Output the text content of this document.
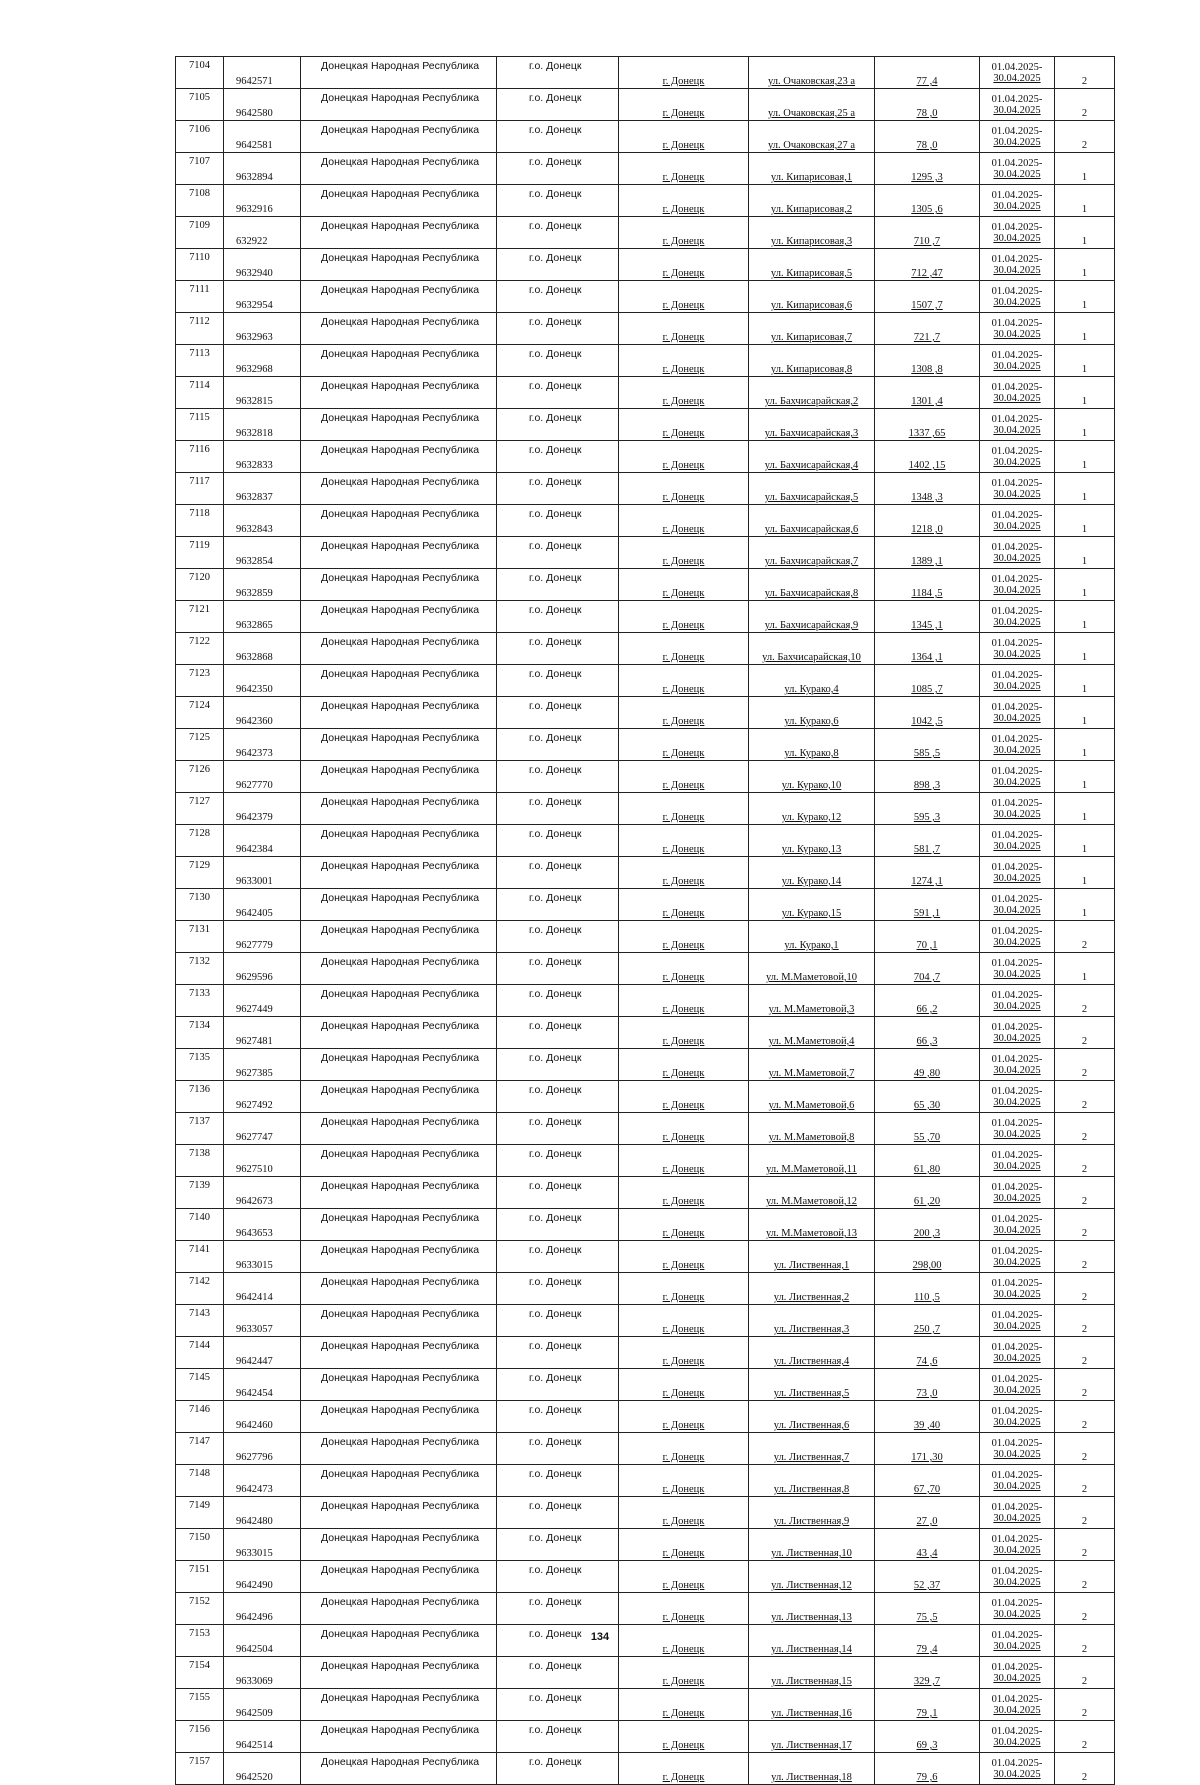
7104	9642571	Донецкая Народная Республика	г.о. Донецк	г. Донецк	ул. Очаковская,23 а	77 ,4	01.04.2025-
30.04.2025	2
7105	9642580	Донецкая Народная Республика	г.о. Донецк	г. Донецк	ул. Очаковская,25 а	78 ,0	01.04.2025-
30.04.2025	2
7106	9642581	Донецкая Народная Республика	г.о. Донецк	г. Донецк	ул. Очаковская,27 а	78 ,0	01.04.2025-
30.04.2025	2
7107	9632894	Донецкая Народная Республика	г.о. Донецк	г. Донецк	ул. Кипарисовая,1	1295 ,3	01.04.2025-
30.04.2025	1
7108	9632916	Донецкая Народная Республика	г.о. Донецк	г. Донецк	ул. Кипарисовая,2	1305 ,6	01.04.2025-
30.04.2025	1
7109	632922	Донецкая Народная Республика	г.о. Донецк	г. Донецк	ул. Кипарисовая,3	710 ,7	01.04.2025-
30.04.2025	1
7110	9632940	Донецкая Народная Республика	г.о. Донецк	г. Донецк	ул. Кипарисовая,5	712 ,47	01.04.2025-
30.04.2025	1
7111	9632954	Донецкая Народная Республика	г.о. Донецк	г. Донецк	ул. Кипарисовая,6	1507 ,7	01.04.2025-
30.04.2025	1
7112	9632963	Донецкая Народная Республика	г.о. Донецк	г. Донецк	ул. Кипарисовая,7	721 ,7	01.04.2025-
30.04.2025	1
7113	9632968	Донецкая Народная Республика	г.о. Донецк	г. Донецк	ул. Кипарисовая,8	1308 ,8	01.04.2025-
30.04.2025	1
7114	9632815	Донецкая Народная Республика	г.о. Донецк	г. Донецк	ул. Бахчисарайская,2	1301 ,4	01.04.2025-
30.04.2025	1
7115	9632818	Донецкая Народная Республика	г.о. Донецк	г. Донецк	ул. Бахчисарайская,3	1337 ,65	01.04.2025-
30.04.2025	1
7116	9632833	Донецкая Народная Республика	г.о. Донецк	г. Донецк	ул. Бахчисарайская,4	1402 ,15	01.04.2025-
30.04.2025	1
7117	9632837	Донецкая Народная Республика	г.о. Донецк	г. Донецк	ул. Бахчисарайская,5	1348 ,3	01.04.2025-
30.04.2025	1
7118	9632843	Донецкая Народная Республика	г.о. Донецк	г. Донецк	ул. Бахчисарайская,6	1218 ,0	01.04.2025-
30.04.2025	1
7119	9632854	Донецкая Народная Республика	г.о. Донецк	г. Донецк	ул. Бахчисарайская,7	1389 ,1	01.04.2025-
30.04.2025	1
7120	9632859	Донецкая Народная Республика	г.о. Донецк	г. Донецк	ул. Бахчисарайская,8	1184 ,5	01.04.2025-
30.04.2025	1
7121	9632865	Донецкая Народная Республика	г.о. Донецк	г. Донецк	ул. Бахчисарайская,9	1345 ,1	01.04.2025-
30.04.2025	1
7122	9632868	Донецкая Народная Республика	г.о. Донецк	г. Донецк	ул. Бахчисарайская,10	1364 ,1	01.04.2025-
30.04.2025	1
7123	9642350	Донецкая Народная Республика	г.о. Донецк	г. Донецк	ул. Курако,4	1085 ,7	01.04.2025-
30.04.2025	1
7124	9642360	Донецкая Народная Республика	г.о. Донецк	г. Донецк	ул. Курако,6	1042 ,5	01.04.2025-
30.04.2025	1
7125	9642373	Донецкая Народная Республика	г.о. Донецк	г. Донецк	ул. Курако,8	585 ,5	01.04.2025-
30.04.2025	1
7126	9627770	Донецкая Народная Республика	г.о. Донецк	г. Донецк	ул. Курако,10	898 ,3	01.04.2025-
30.04.2025	1
7127	9642379	Донецкая Народная Республика	г.о. Донецк	г. Донецк	ул. Курако,12	595 ,3	01.04.2025-
30.04.2025	1
7128	9642384	Донецкая Народная Республика	г.о. Донецк	г. Донецк	ул. Курако,13	581 ,7	01.04.2025-
30.04.2025	1
7129	9633001	Донецкая Народная Республика	г.о. Донецк	г. Донецк	ул. Курако,14	1274 ,1	01.04.2025-
30.04.2025	1
7130	9642405	Донецкая Народная Республика	г.о. Донецк	г. Донецк	ул. Курако,15	591 ,1	01.04.2025-
30.04.2025	1
7131	9627779	Донецкая Народная Республика	г.о. Донецк	г. Донецк	ул. Курако,1	70 ,1	01.04.2025-
30.04.2025	2
7132	9629596	Донецкая Народная Республика	г.о. Донецк	г. Донецк	ул. М.Маметовой,10	704 ,7	01.04.2025-
30.04.2025	1
7133	9627449	Донецкая Народная Республика	г.о. Донецк	г. Донецк	ул. М.Маметовой,3	66 ,2	01.04.2025-
30.04.2025	2
7134	9627481	Донецкая Народная Республика	г.о. Донецк	г. Донецк	ул. М.Маметовой,4	66 ,3	01.04.2025-
30.04.2025	2
7135	9627385	Донецкая Народная Республика	г.о. Донецк	г. Донецк	ул. М.Маметовой,7	49 ,80	01.04.2025-
30.04.2025	2
7136	9627492	Донецкая Народная Республика	г.о. Донецк	г. Донецк	ул. М.Маметовой,6	65 ,30	01.04.2025-
30.04.2025	2
7137	9627747	Донецкая Народная Республика	г.о. Донецк	г. Донецк	ул. М.Маметовой,8	55 ,70	01.04.2025-
30.04.2025	2
7138	9627510	Донецкая Народная Республика	г.о. Донецк	г. Донецк	ул. М.Маметовой,11	61 ,80	01.04.2025-
30.04.2025	2
7139	9642673	Донецкая Народная Республика	г.о. Донецк	г. Донецк	ул. М.Маметовой,12	61 ,20	01.04.2025-
30.04.2025	2
7140	9643653	Донецкая Народная Республика	г.о. Донецк	г. Донецк	ул. М.Маметовой,13	200 ,3	01.04.2025-
30.04.2025	2
7141	9633015	Донецкая Народная Республика	г.о. Донецк	г. Донецк	ул. Лиственная,1	298,00	01.04.2025-
30.04.2025	2
7142	9642414	Донецкая Народная Республика	г.о. Донецк	г. Донецк	ул. Лиственная,2	110 ,5	01.04.2025-
30.04.2025	2
7143	9633057	Донецкая Народная Республика	г.о. Донецк	г. Донецк	ул. Лиственная,3	250 ,7	01.04.2025-
30.04.2025	2
7144	9642447	Донецкая Народная Республика	г.о. Донецк	г. Донецк	ул. Лиственная,4	74 ,6	01.04.2025-
30.04.2025	2
7145	9642454	Донецкая Народная Республика	г.о. Донецк	г. Донецк	ул. Лиственная,5	73 ,0	01.04.2025-
30.04.2025	2
7146	9642460	Донецкая Народная Республика	г.о. Донецк	г. Донецк	ул. Лиственная,6	39 ,40	01.04.2025-
30.04.2025	2
7147	9627796	Донецкая Народная Республика	г.о. Донецк	г. Донецк	ул. Лиственная,7	171 ,30	01.04.2025-
30.04.2025	2
7148	9642473	Донецкая Народная Республика	г.о. Донецк	г. Донецк	ул. Лиственная,8	67 ,70	01.04.2025-
30.04.2025	2
7149	9642480	Донецкая Народная Республика	г.о. Донецк	г. Донецк	ул. Лиственная,9	27 ,0	01.04.2025-
30.04.2025	2
7150	9633015	Донецкая Народная Республика	г.о. Донецк	г. Донецк	ул. Лиственная,10	43 ,4	01.04.2025-
30.04.2025	2
7151	9642490	Донецкая Народная Республика	г.о. Донецк	г. Донецк	ул. Лиственная,12	52 ,37	01.04.2025-
30.04.2025	2
7152	9642496	Донецкая Народная Республика	г.о. Донецк	г. Донецк	ул. Лиственная,13	75 ,5	01.04.2025-
30.04.2025	2
7153	9642504	Донецкая Народная Республика	г.о. Донецк	г. Донецк	ул. Лиственная,14	79 ,4	01.04.2025-
30.04.2025	2
7154	9633069	Донецкая Народная Республика	г.о. Донецк	г. Донецк	ул. Лиственная,15	329 ,7	01.04.2025-
30.04.2025	2
7155	9642509	Донецкая Народная Республика	г.о. Донецк	г. Донецк	ул. Лиственная,16	79 ,1	01.04.2025-
30.04.2025	2
7156	9642514	Донецкая Народная Республика	г.о. Донецк	г. Донецк	ул. Лиственная,17	69 ,3	01.04.2025-
30.04.2025	2
7157	9642520	Донецкая Народная Республика	г.о. Донецк	г. Донецк	ул. Лиственная,18	79 ,6	01.04.2025-
30.04.2025	2
134
